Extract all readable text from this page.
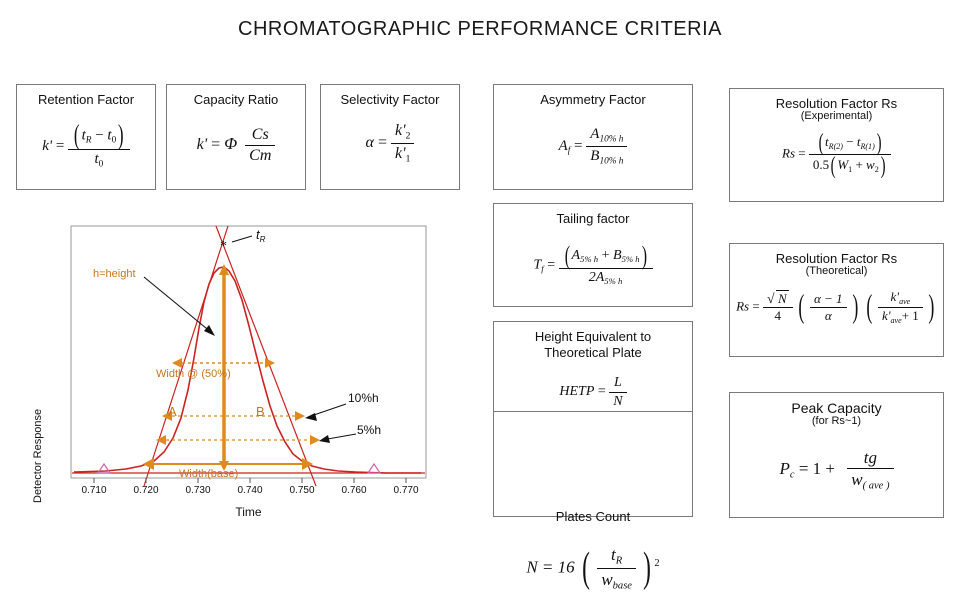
CHROMATOGRAPHIC PERFORMANCE CRITERIA
Retention Factor
$k' = \frac{( t_R - t_0)}{t_0}$
Capacity Ratio
k' = Φ $\frac{Cs}{Cm}$
Selectivity Factor
$\alpha = \frac{k'_2}{k'_1}$
Asymmetry Factor
$A_f = \frac{A_{10\% h}}{B_{10\% h}}$
Tailing factor
$T_f = \frac{( A_{5\% h} + B_{5\% h})}{2A_{5\% h}}$
Height Equivalent to Theoretical Plate
HETP = $\frac{L}{N}$
Plates Count
N = 16 ( $\frac{t_R}{w_{base}}$ ) $^2$
Resolution Factor Rs
(Experimental)
$Rs = \frac{( t_{R(2)} - t_{R(1)})}{0.5( W_1 + w_2)}$
Resolution Factor Rs
(Theoretical)
Rs = √ $\frac{N}{4}$ ( $\frac{\alpha - 1}{\alpha}$ ) ( $\frac{k'_{ave}}{k'_{ave}+ 1}$ )
Peak Capacity
(for Rs~1)
$P_c = 1 + \frac{tg}{w_{( ave )}}$
Detector Response
*
$t_R$
h=height
Width @ (50%)
A	B
10%h
5%h
Width(base)
0.710	0.720	0.730	0.740	0.750	0.760	0.770
Time
